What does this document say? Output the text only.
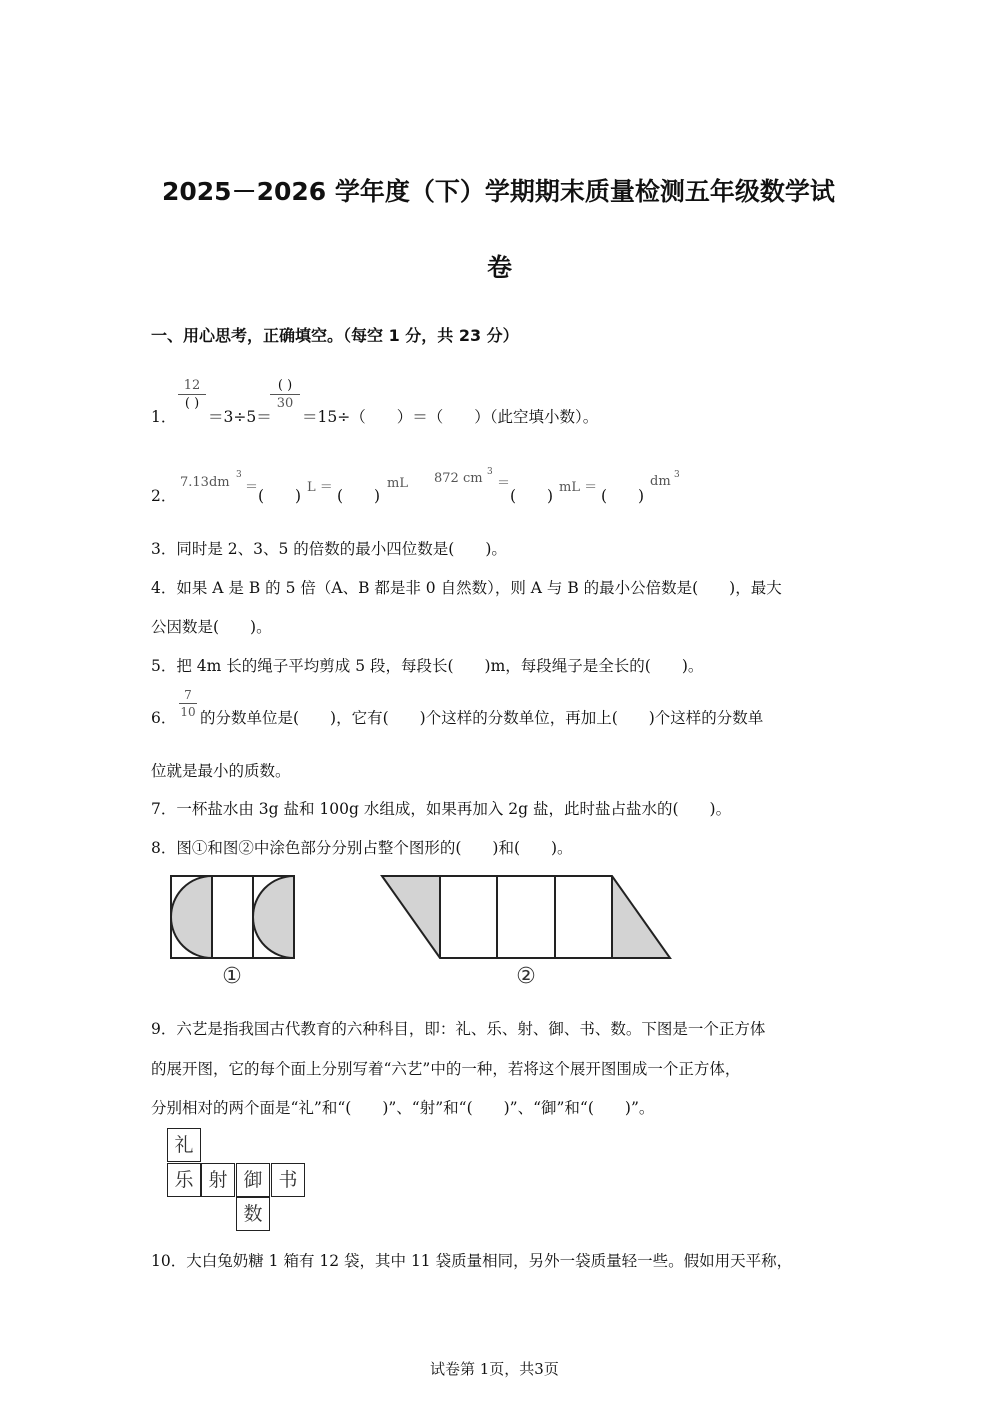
2025－2026 学年度（下）学期期末质量检测五年级数学试
卷
一、用心思考，正确填空。（每空 1 分，共 23 分）
1．
12
( )
＝3÷5＝
( )
30
＝15÷（　　）＝（　　）（此空填小数）。
2．
7.13dm 3
＝ (　　) L ＝ (　　)
mL 872 cm 3
＝
(　　) mL ＝ (　　)
dm 3
3．同时是 2、3、5 的倍数的最小四位数是(　　)。
4．如果 A 是 B 的 5 倍（A、B 都是非 0 自然数），则 A 与 B 的最小公倍数是(　　)，最大
公因数是(　　)。
5．把 4m 长的绳子平均剪成 5 段，每段长(　　)m，每段绳子是全长的(　　)。
6．
7
10 的分数单位是(　　)，它有(　　)个这样的分数单位，再加上(　　)个这样的分数单
位就是最小的质数。
7．一杯盐水由 3g 盐和 100g 水组成，如果再加入 2g 盐，此时盐占盐水的(　　)。
8．图①和图②中涂色部分分别占整个图形的(　　)和(　　)。
①	②
9．六艺是指我国古代教育的六种科目，即：礼、乐、射、御、书、数。下图是一个正方体
的展开图，它的每个面上分别写着“六艺”中的一种，若将这个展开图围成一个正方体，
分别相对的两个面是“礼”和“(　　)”、“射”和“(　　)”、“御”和“(　　)”。
礼
乐 射 御 书
数
10．大白兔奶糖 1 箱有 12 袋，其中 11 袋质量相同，另外一袋质量轻一些。假如用天平称，
试卷第 1页，共3页
